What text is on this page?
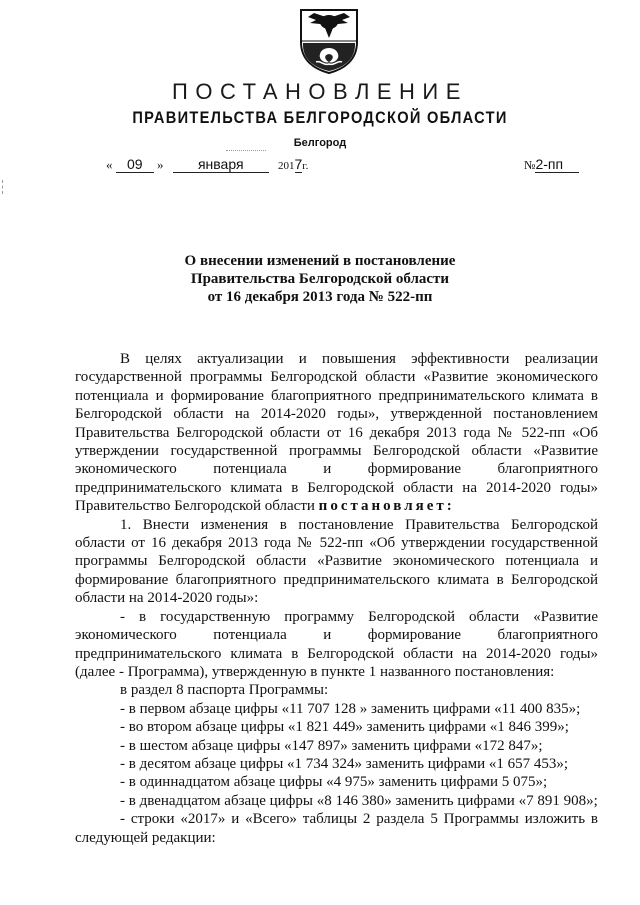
ПОСТАНОВЛЕНИЕ
ПРАВИТЕЛЬСТВА БЕЛГОРОДСКОЙ ОБЛАСТИ
Белгород
« 09 » января	2017г.	№2-пп
О внесении изменений в постановление
Правительства Белгородской области
от 16 декабря 2013 года № 522-пп

В целях актуализации и повышения эффективности реализации государственной программы Белгородской области «Развитие экономического потенциала и формирование благоприятного предпринимательского климата в Белгородской области на 2014-2020 годы», утвержденной постановлением Правительства Белгородской области от 16 декабря 2013 года № 522-пп «Об утверждении государственной программы Белгородской области «Развитие экономического потенциала и формирование благоприятного предпринимательского климата в Белгородской области на 2014-2020 годы» Правительство Белгородской области постановляет:

1. Внести изменения в постановление Правительства Белгородской области от 16 декабря 2013 года № 522-пп «Об утверждении государственной программы Белгородской области «Развитие экономического потенциала и формирование благоприятного предпринимательского климата в Белгородской области на 2014-2020 годы»:

- в государственную программу Белгородской области «Развитие экономического потенциала и формирование благоприятного предпринимательского климата в Белгородской области на 2014-2020 годы» (далее - Программа), утвержденную в пункте 1 названного постановления:

в раздел 8 паспорта Программы:

- в первом абзаце цифры «11 707 128 » заменить цифрами «11 400 835»;

- во втором абзаце цифры «1 821 449» заменить цифрами «1 846 399»;

- в шестом абзаце цифры «147 897» заменить цифрами «172 847»;

- в десятом абзаце цифры «1 734 324» заменить цифрами «1 657 453»;

- в одиннадцатом абзаце цифры «4 975» заменить цифрами 5 075»;

- в двенадцатом абзаце цифры «8 146 380» заменить цифрами «7 891 908»;

- строки «2017» и «Всего» таблицы 2 раздела 5 Программы изложить в следующей редакции:
